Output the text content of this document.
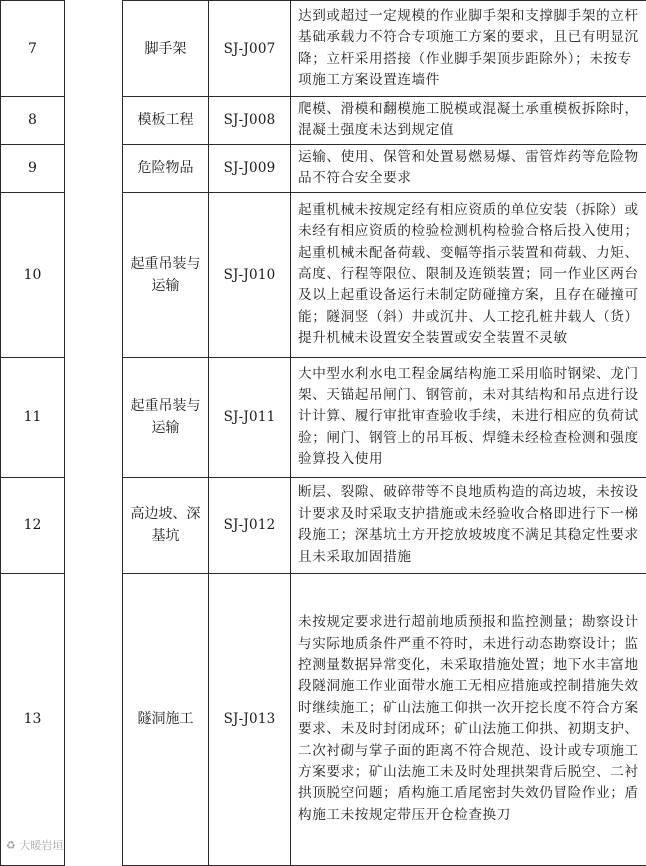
7		脚手架	SJ-J007	达到或超过一定规模的作业脚手架和支撑脚手架的立杆基础承载力不符合专项施工方案的要求，且已有明显沉降；立杆采用搭接（作业脚手架顶步距除外）；未按专项施工方案设置连墙件
8		模板工程	SJ-J008	爬模、滑模和翻模施工脱模或混凝土承重模板拆除时，混凝土强度未达到规定值
9		危险物品	SJ-J009	运输、使用、保管和处置易燃易爆、雷管炸药等危险物品不符合安全要求
10		起重吊装与运输	SJ-J010	起重机械未按规定经有相应资质的单位安装（拆除）或未经有相应资质的检验检测机构检验合格后投入使用；起重机械未配备荷载、变幅等指示装置和荷载、力矩、高度、行程等限位、限制及连锁装置；同一作业区两台及以上起重设备运行未制定防碰撞方案，且存在碰撞可能；隧洞竖（斜）井或沉井、人工挖孔桩井载人（货）提升机械未设置安全装置或安全装置不灵敏
11		起重吊装与运输	SJ-J011	大中型水利水电工程金属结构施工采用临时钢梁、龙门架、天锚起吊闸门、钢管前，未对其结构和吊点进行设计计算、履行审批审查验收手续，未进行相应的负荷试验；闸门、钢管上的吊耳板、焊缝未经检查检测和强度验算投入使用
12		高边坡、深基坑	SJ-J012	断层、裂隙、破碎带等不良地质构造的高边坡，未按设计要求及时采取支护措施或未经验收合格即进行下一梯段施工；深基坑土方开挖放坡坡度不满足其稳定性要求且未采取加固措施
13		隧洞施工	SJ-J013	未按规定要求进行超前地质预报和监控测量；勘察设计与实际地质条件严重不符时，未进行动态勘察设计；监控测量数据异常变化，未采取措施处置；地下水丰富地段隧洞施工作业面带水施工无相应措施或控制措施失效时继续施工；矿山法施工仰拱一次开挖长度不符合方案要求、未及时封闭成环；矿山法施工仰拱、初期支护、二次衬砌与掌子面的距离不符合规范、设计或专项施工方案要求；矿山法施工未及时处理拱架背后脱空、二衬拱顶脱空问题；盾构施工盾尾密封失效仍冒险作业；盾构施工未按规定带压开仓检查换刀
♻ 大暖岩垣
